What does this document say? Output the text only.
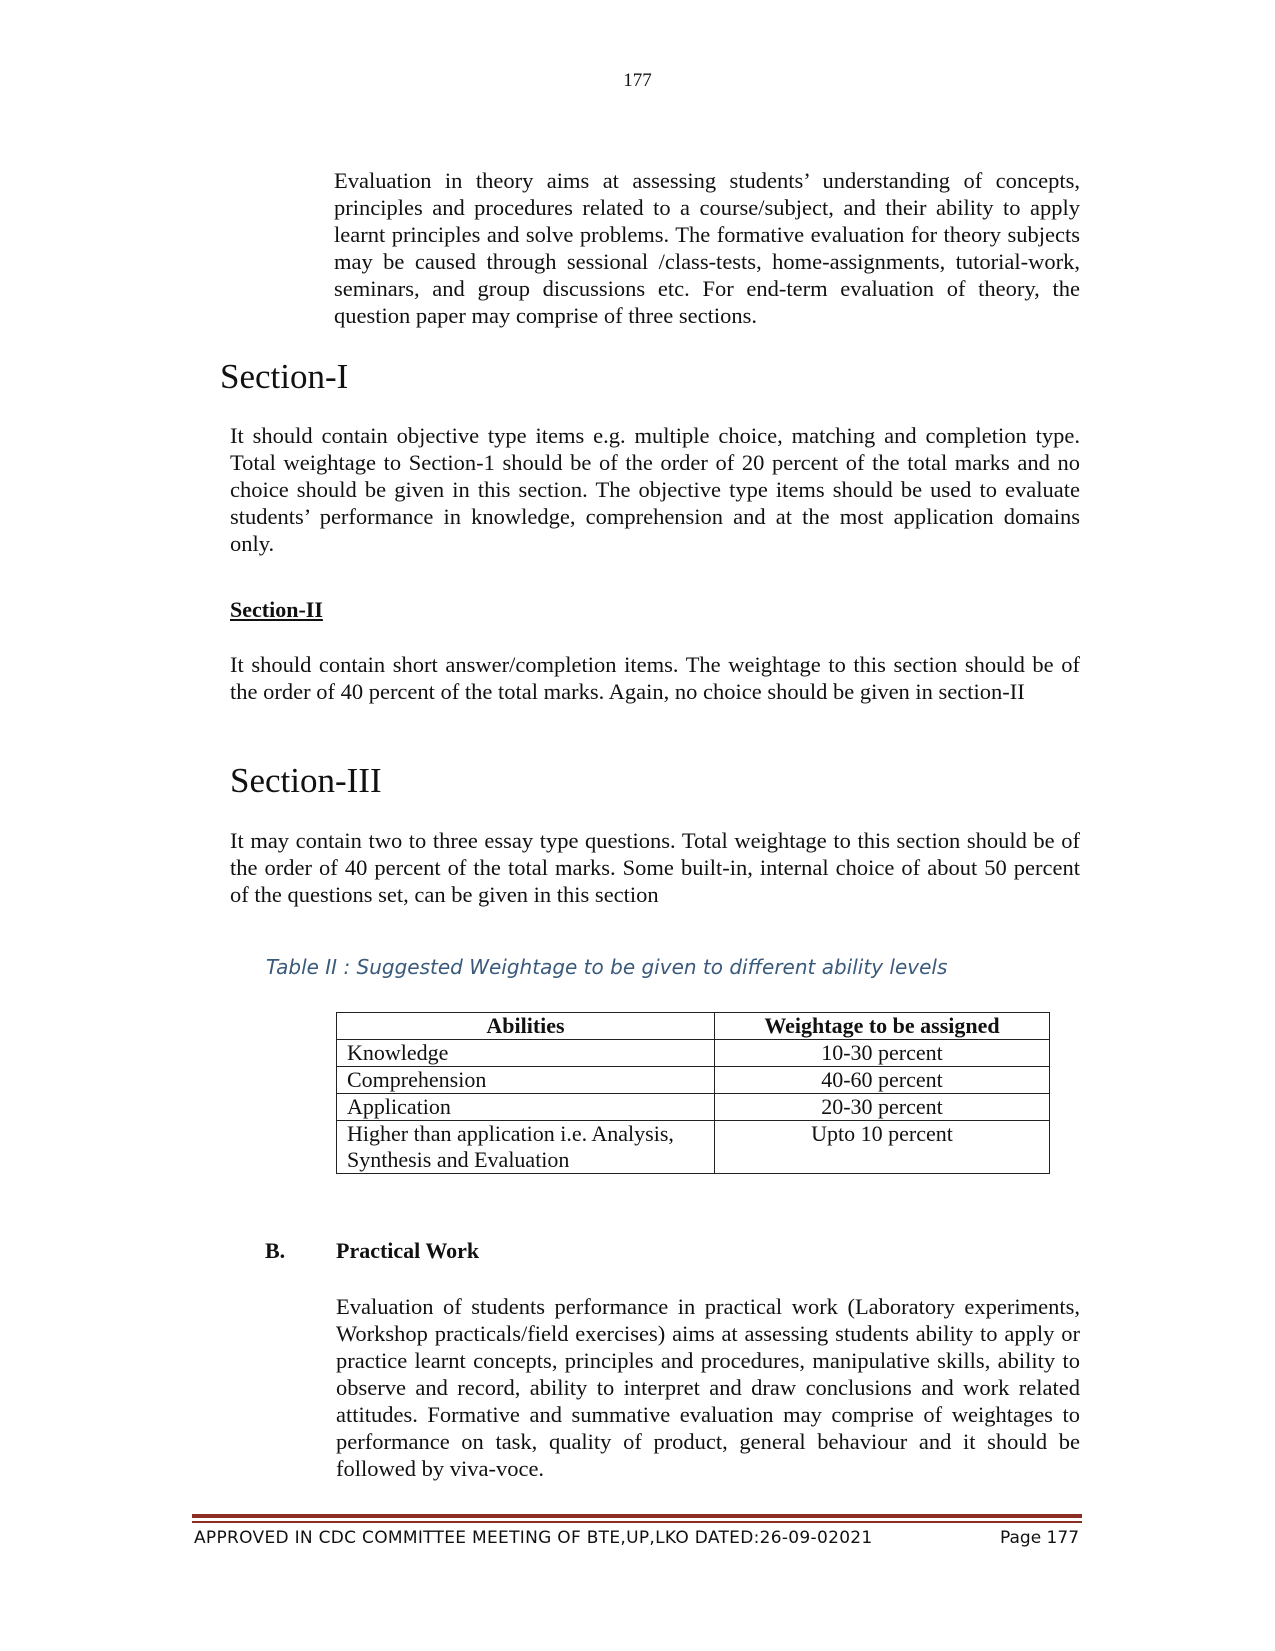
177
Evaluation in theory aims at assessing students’ understanding of concepts, principles and procedures related to a course/subject, and their ability to apply learnt principles and solve problems. The formative evaluation for theory subjects may be caused through sessional /class-tests, home-assignments, tutorial-work, seminars, and group discussions etc. For end-term evaluation of theory, the question paper may comprise of three sections.
Section-I
It should contain objective type items e.g. multiple choice, matching and completion type. Total weightage to Section-1 should be of the order of 20 percent of the total marks and no choice should be given in this section. The objective type items should be used to evaluate students’ performance in knowledge, comprehension and at the most application domains only.
Section-II
It should contain short answer/completion items. The weightage to this section should be of the order of 40 percent of the total marks. Again, no choice should be given in section-II
Section-III
It may contain two to three essay type questions. Total weightage to this section should be of the order of 40 percent of the total marks. Some built-in, internal choice of about 50 percent of the questions set, can be given in this section
Table II : Suggested Weightage to be given to different ability levels
Abilities	Weightage to be assigned
Knowledge	10-30 percent
Comprehension	40-60 percent
Application	20-30 percent
Higher than application i.e. Analysis, Synthesis and Evaluation	Upto 10 percent
B. Practical Work
Evaluation of students performance in practical work (Laboratory experiments, Workshop practicals/field exercises) aims at assessing students ability to apply or practice learnt concepts, principles and procedures, manipulative skills, ability to observe and record, ability to interpret and draw conclusions and work related attitudes. Formative and summative evaluation may comprise of weightages to performance on task, quality of product, general behaviour and it should be followed by viva-voce.
APPROVED IN CDC COMMITTEE MEETING OF BTE,UP,LKO DATED:26-09-02021	Page 177
